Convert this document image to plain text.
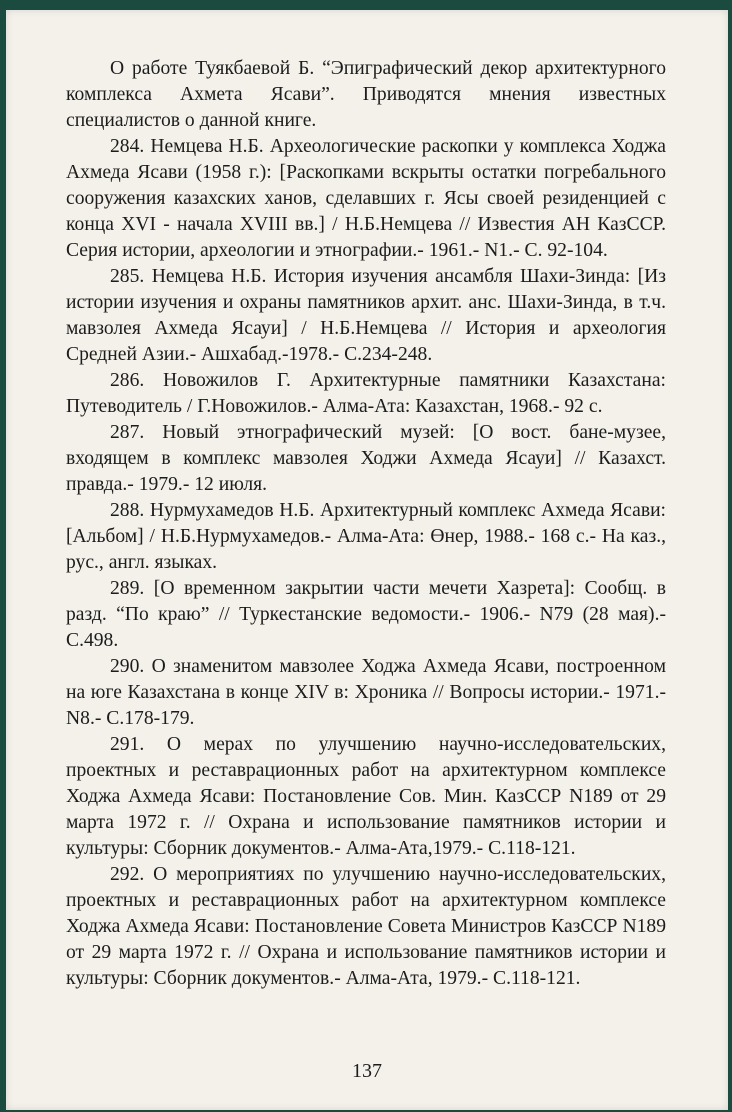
О работе Туякбаевой Б. “Эпиграфический декор архитектурного комплекса Ахмета Ясави”. Приводятся мнения известных специалистов о данной книге.

284. Немцева Н.Б. Археологические раскопки у комплекса Ходжа Ахмеда Ясави (1958 г.): [Раскопками вскрыты остатки погребального сооружения казахских ханов, сделавших г. Ясы своей резиденцией с конца XVI - начала XVIII вв.] / Н.Б.Немцева // Известия АН КазССР. Серия истории, археологии и этнографии.- 1961.- N1.- С. 92-104.

285. Немцева Н.Б. История изучения ансамбля Шахи-Зинда: [Из истории изучения и охраны памятников архит. анс. Шахи-Зинда, в т.ч. мавзолея Ахмеда Ясауи] / Н.Б.Немцева // История и археология Средней Азии.- Ашхабад.-1978.- С.234-248.

286. Новожилов Г. Архитектурные памятники Казахстана: Путеводитель / Г.Новожилов.- Алма-Ата: Казахстан, 1968.- 92 с.

287. Новый этнографический музей: [О вост. бане-музее, входящем в комплекс мавзолея Ходжи Ахмеда Ясауи] // Казахст. правда.- 1979.- 12 июля.

288. Нурмухамедов Н.Б. Архитектурный комплекс Ахмеда Ясави: [Альбом] / Н.Б.Нурмухамедов.- Алма-Ата: Өнер, 1988.- 168 с.- На каз., рус., англ. языках.

289. [О временном закрытии части мечети Хазрета]: Сообщ. в разд. “По краю” // Туркестанские ведомости.- 1906.- N79 (28 мая).- С.498.

290. О знаменитом мавзолее Ходжа Ахмеда Ясави, построенном на юге Казахстана в конце XIV в: Хроника // Вопросы истории.- 1971.- N8.- С.178-179.

291. О мерах по улучшению научно-исследовательских, проектных и реставрационных работ на архитектурном комплексе Ходжа Ахмеда Ясави: Постановление Сов. Мин. КазССР N189 от 29 марта 1972 г. // Охрана и использование памятников истории и культуры: Сборник документов.- Алма-Ата,1979.- С.118-121.

292. О мероприятиях по улучшению научно-исследовательских, проектных и реставрационных работ на архитектурном комплексе Ходжа Ахмеда Ясави: Постановление Совета Министров КазССР N189 от 29 марта 1972 г. // Охрана и использование памятников истории и культуры: Сборник документов.- Алма-Ата, 1979.- С.118-121.

137
